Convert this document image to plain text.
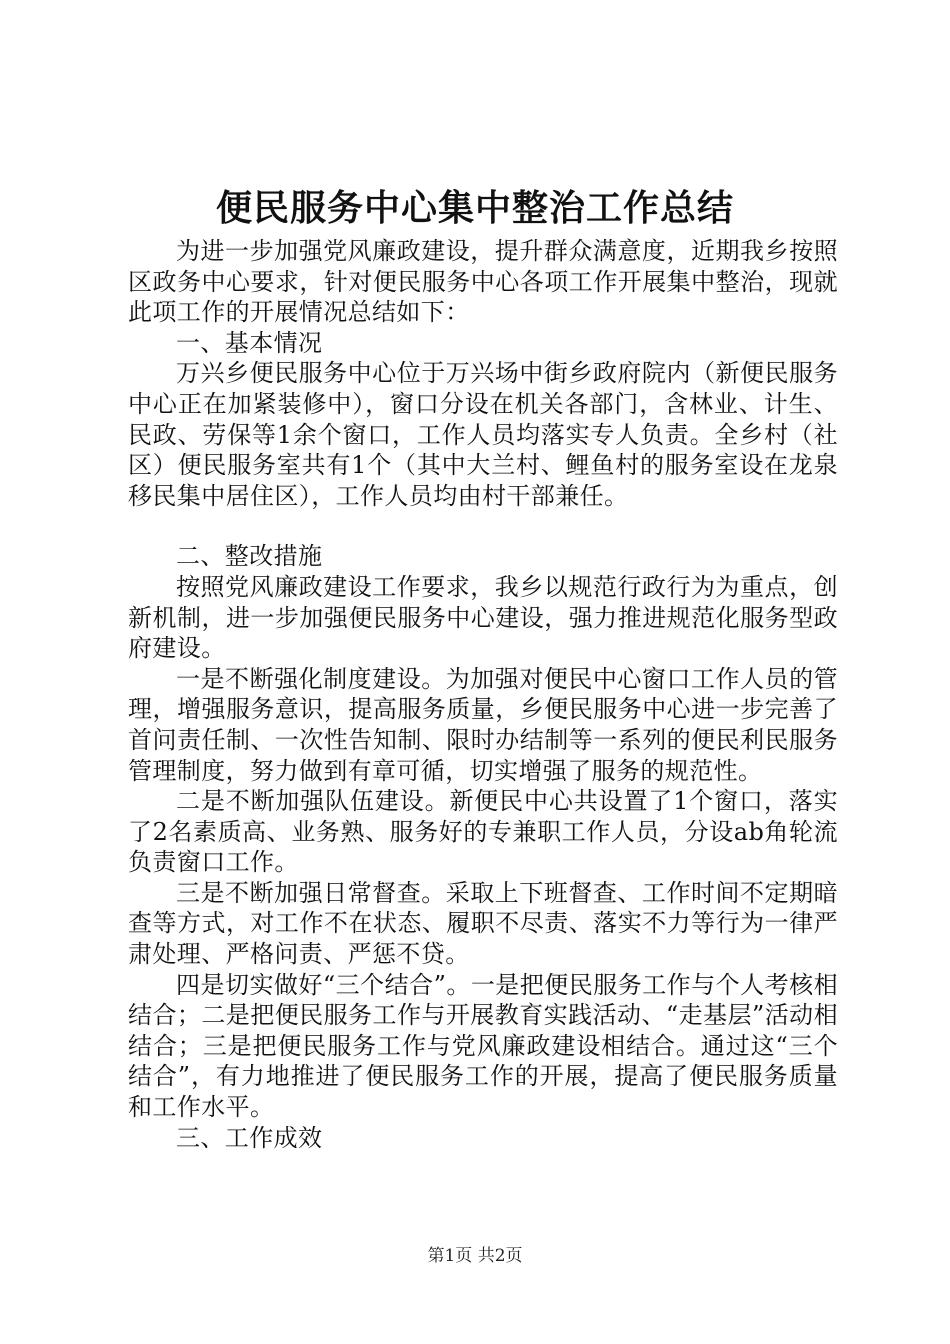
便民服务中心集中整治工作总结

为进一步加强党风廉政建设，提升群众满意度，近期我乡按照区政务中心要求，针对便民服务中心各项工作开展集中整治，现就此项工作的开展情况总结如下：

一、基本情况

万兴乡便民服务中心位于万兴场中街乡政府院内（新便民服务中心正在加紧装修中），窗口分设在机关各部门，含林业、计生、民政、劳保等1余个窗口，工作人员均落实专人负责。全乡村（社区）便民服务室共有1个（其中大兰村、鲤鱼村的服务室设在龙泉移民集中居住区），工作人员均由村干部兼任。

二、整改措施

按照党风廉政建设工作要求，我乡以规范行政行为为重点，创新机制，进一步加强便民服务中心建设，强力推进规范化服务型政府建设。

一是不断强化制度建设。为加强对便民中心窗口工作人员的管理，增强服务意识，提高服务质量，乡便民服务中心进一步完善了首问责任制、一次性告知制、限时办结制等一系列的便民利民服务管理制度，努力做到有章可循，切实增强了服务的规范性。

二是不断加强队伍建设。新便民中心共设置了1个窗口，落实了2名素质高、业务熟、服务好的专兼职工作人员，分设ab角轮流负责窗口工作。

三是不断加强日常督查。采取上下班督查、工作时间不定期暗查等方式，对工作不在状态、履职不尽责、落实不力等行为一律严肃处理、严格问责、严惩不贷。

四是切实做好“三个结合”。一是把便民服务工作与个人考核相结合；二是把便民服务工作与开展教育实践活动、“走基层”活动相结合；三是把便民服务工作与党风廉政建设相结合。通过这“三个结合”，有力地推进了便民服务工作的开展，提高了便民服务质量和工作水平。

三、工作成效

第1页 共2页
